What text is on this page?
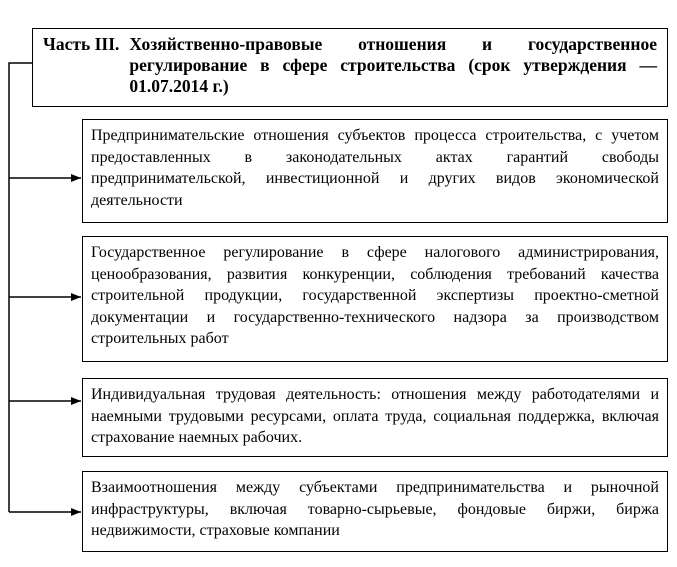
Часть III. Хозяйственно-правовые отношения и государственное регулирование в сфере строительства (срок утверждения — 01.07.2014 г.)
Предпринимательские отношения субъектов процесса строительства, с учетом предоставленных в законодательных актах гарантий свободы предпринимательской, инвестиционной и других видов экономической деятельности
Государственное регулирование в сфере налогового администрирования, ценообразования, развития конкуренции, соблюдения требований качества строительной продукции, государственной экспертизы проектно-сметной документации и государственно-технического надзора за производством строительных работ
Индивидуальная трудовая деятельность: отношения между работодателями и наемными трудовыми ресурсами, оплата труда, социальная поддержка, включая страхование наемных рабочих.
Взаимоотношения между субъектами предпринимательства и рыночной инфраструктуры, включая товарно-сырьевые, фондовые биржи, биржа недвижимости, страховые компании
